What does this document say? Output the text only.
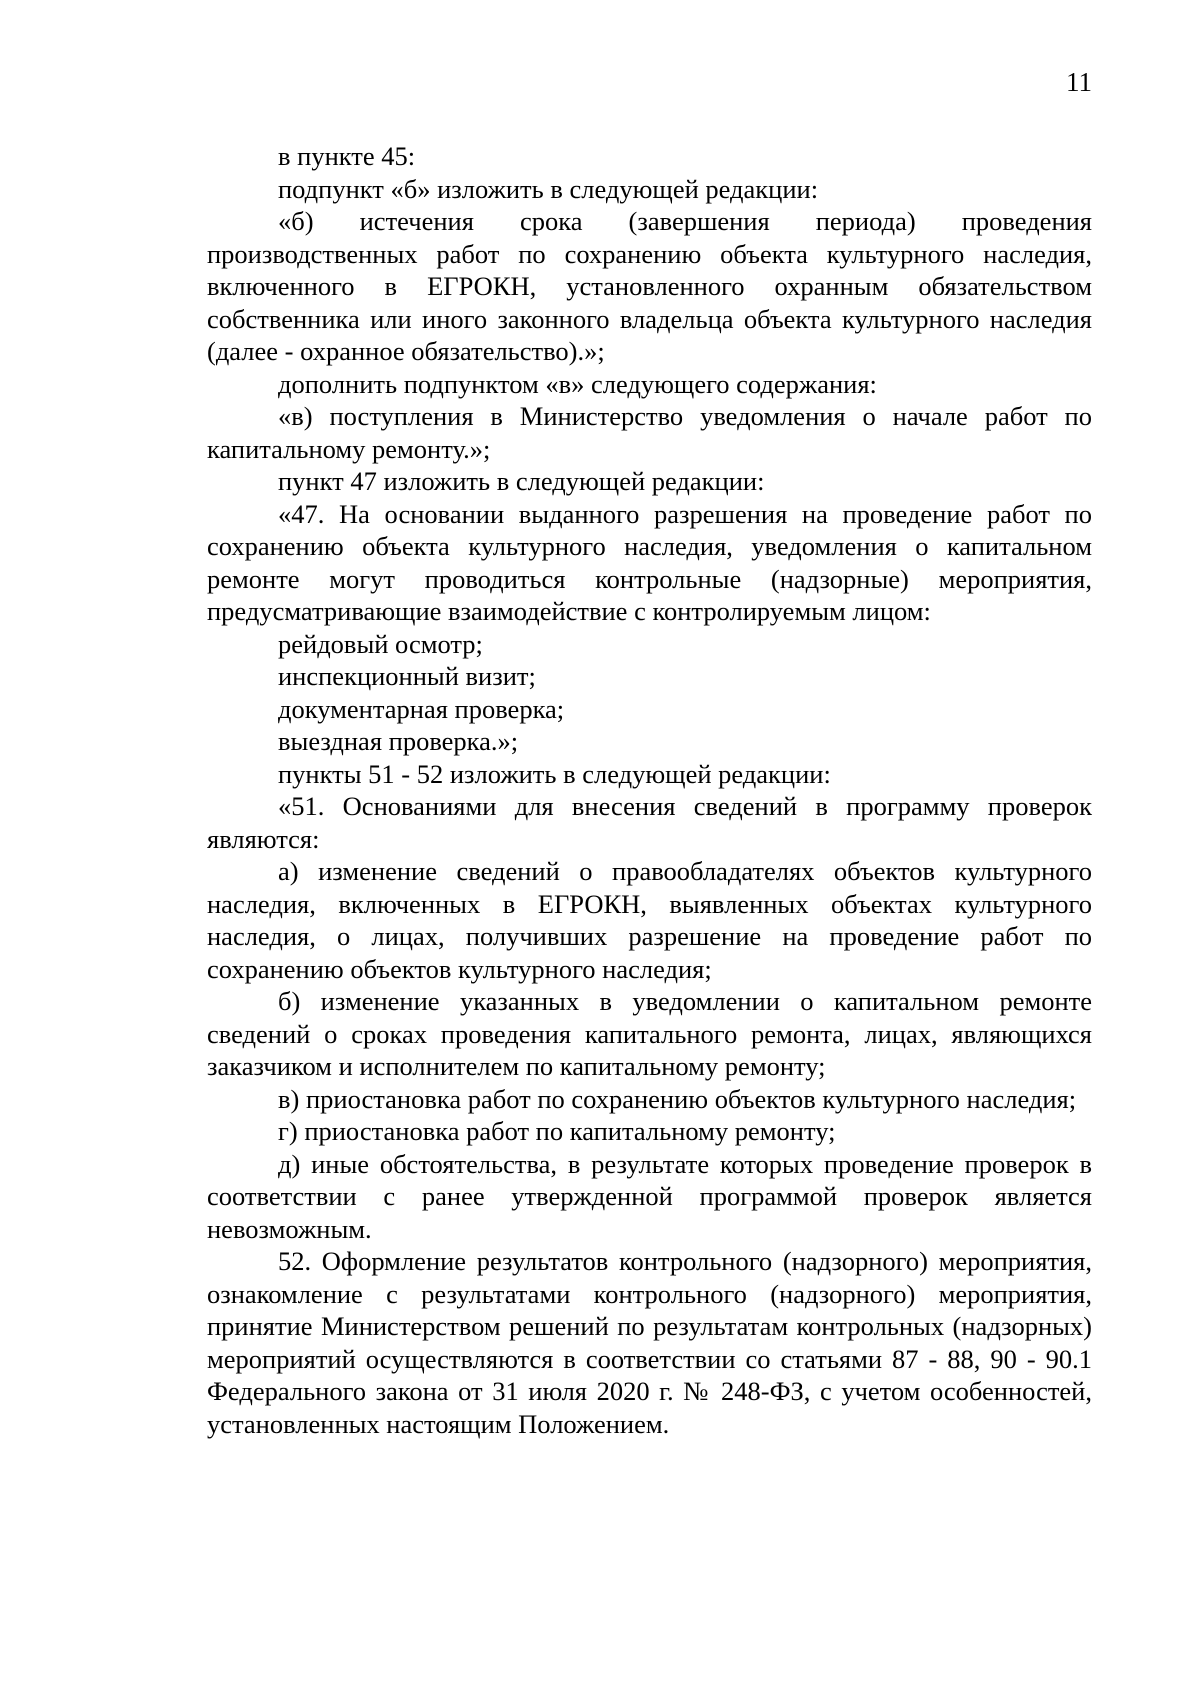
11

в пункте 45:

подпункт «б» изложить в следующей редакции:

«б) истечения срока (завершения периода) проведения производственных работ по сохранению объекта культурного наследия, включенного в ЕГРОКН, установленного охранным обязательством собственника или иного законного владельца объекта культурного наследия (далее - охранное обязательство).»;

дополнить подпунктом «в» следующего содержания:

«в) поступления в Министерство уведомления о начале работ по капитальному ремонту.»;

пункт 47 изложить в следующей редакции:

«47. На основании выданного разрешения на проведение работ по сохранению объекта культурного наследия, уведомления о капитальном ремонте могут проводиться контрольные (надзорные) мероприятия, предусматривающие взаимодействие с контролируемым лицом:

рейдовый осмотр;

инспекционный визит;

документарная проверка;

выездная проверка.»;

пункты 51 - 52 изложить в следующей редакции:

«51. Основаниями для внесения сведений в программу проверок являются:

а) изменение сведений о правообладателях объектов культурного наследия, включенных в ЕГРОКН, выявленных объектах культурного наследия, о лицах, получивших разрешение на проведение работ по сохранению объектов культурного наследия;

б) изменение указанных в уведомлении о капитальном ремонте сведений о сроках проведения капитального ремонта, лицах, являющихся заказчиком и исполнителем по капитальному ремонту;

в) приостановка работ по сохранению объектов культурного наследия;

г) приостановка работ по капитальному ремонту;

д) иные обстоятельства, в результате которых проведение проверок в соответствии с ранее утвержденной программой проверок является невозможным.

52. Оформление результатов контрольного (надзорного) мероприятия, ознакомление с результатами контрольного (надзорного) мероприятия, принятие Министерством решений по результатам контрольных (надзорных) мероприятий осуществляются в соответствии со статьями 87 - 88, 90 - 90.1 Федерального закона от 31 июля 2020 г. № 248-ФЗ, с учетом особенностей, установленных настоящим Положением.
